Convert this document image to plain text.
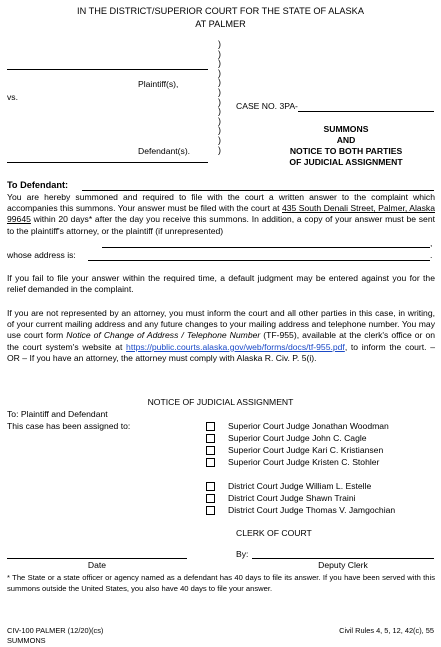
IN THE DISTRICT/SUPERIOR COURT FOR THE STATE OF ALASKA
AT PALMER
)
)
)
)
)
)
)
)
)
)
)
)
Plaintiff(s),
vs.
CASE NO. 3PA-
Defendant(s).
SUMMONS
AND
NOTICE TO BOTH PARTIES
OF JUDICIAL ASSIGNMENT
To Defendant:
You are hereby summoned and required to file with the court a written answer to the complaint which accompanies this summons. Your answer must be filed with the court at 435 South Denali Street, Palmer, Alaska 99645 within 20 days* after the day you receive this summons. In addition, a copy of your answer must be sent to the plaintiff's attorney, or the plaintiff (if unrepresented)
,
whose address is:	.
If you fail to file your answer within the required time, a default judgment may be entered against you for the relief demanded in the complaint.
If you are not represented by an attorney, you must inform the court and all other parties in this case, in writing, of your current mailing address and any future changes to your mailing address and telephone number. You may use court form Notice of Change of Address / Telephone Number (TF-955), available at the clerk's office or on the court system's website at https://public.courts.alaska.gov/web/forms/docs/tf-955.pdf, to inform the court. – OR – If you have an attorney, the attorney must comply with Alaska R. Civ. P. 5(i).
NOTICE OF JUDICIAL ASSIGNMENT
To: Plaintiff and Defendant
This case has been assigned to:	Superior Court Judge Jonathan Woodman
Superior Court Judge John C. Cagle
Superior Court Judge Kari C. Kristiansen
Superior Court Judge Kristen C. Stohler
District Court Judge William L. Estelle
District Court Judge Shawn Traini
District Court Judge Thomas V. Jamgochian
CLERK OF COURT
By:
Date	Deputy Clerk
* The State or a state officer or agency named as a defendant has 40 days to file its answer. If you have been served with this summons outside the United States, you also have 40 days to file your answer.
CIV-100 PALMER (12/20)(cs)
SUMMONS
Civil Rules 4, 5, 12, 42(c), 55
